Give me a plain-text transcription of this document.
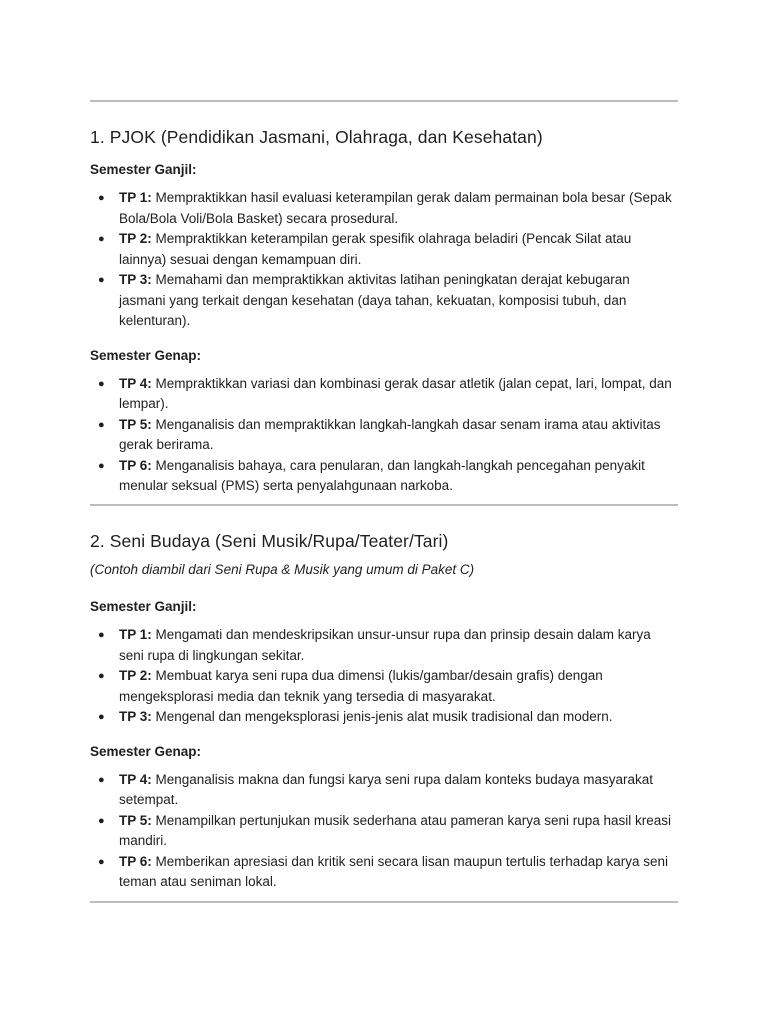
1. PJOK (Pendidikan Jasmani, Olahraga, dan Kesehatan)

Semester Ganjil:

● TP 1: Mempraktikkan hasil evaluasi keterampilan gerak dalam permainan bola besar (Sepak Bola/Bola Voli/Bola Basket) secara prosedural.
● TP 2: Mempraktikkan keterampilan gerak spesifik olahraga beladiri (Pencak Silat atau lainnya) sesuai dengan kemampuan diri.
● TP 3: Memahami dan mempraktikkan aktivitas latihan peningkatan derajat kebugaran jasmani yang terkait dengan kesehatan (daya tahan, kekuatan, komposisi tubuh, dan kelenturan).

Semester Genap:

● TP 4: Mempraktikkan variasi dan kombinasi gerak dasar atletik (jalan cepat, lari, lompat, dan lempar).
● TP 5: Menganalisis dan mempraktikkan langkah-langkah dasar senam irama atau aktivitas gerak berirama.
● TP 6: Menganalisis bahaya, cara penularan, dan langkah-langkah pencegahan penyakit menular seksual (PMS) serta penyalahgunaan narkoba.
2. Seni Budaya (Seni Musik/Rupa/Teater/Tari)

(Contoh diambil dari Seni Rupa & Musik yang umum di Paket C)

Semester Ganjil:

● TP 1: Mengamati dan mendeskripsikan unsur-unsur rupa dan prinsip desain dalam karya seni rupa di lingkungan sekitar.
● TP 2: Membuat karya seni rupa dua dimensi (lukis/gambar/desain grafis) dengan mengeksplorasi media dan teknik yang tersedia di masyarakat.
● TP 3: Mengenal dan mengeksplorasi jenis-jenis alat musik tradisional dan modern.

Semester Genap:

● TP 4: Menganalisis makna dan fungsi karya seni rupa dalam konteks budaya masyarakat setempat.
● TP 5: Menampilkan pertunjukan musik sederhana atau pameran karya seni rupa hasil kreasi mandiri.
● TP 6: Memberikan apresiasi dan kritik seni secara lisan maupun tertulis terhadap karya seni teman atau seniman lokal.
